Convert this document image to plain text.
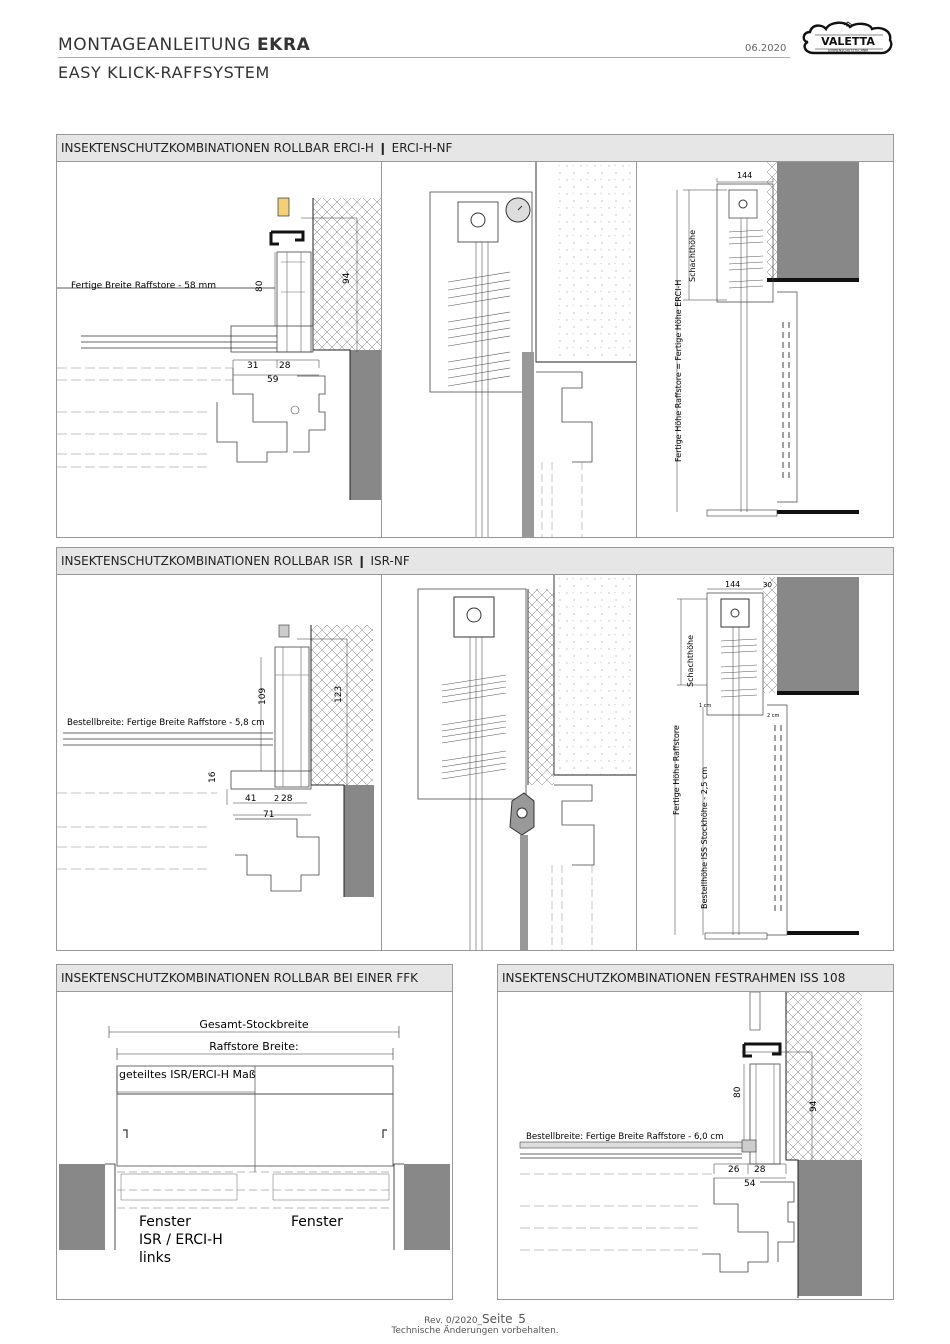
MONTAGEANLEITUNG EKRA
EASY KLICK-RAFFSYSTEM
06.2020
VALETTA
SONNENSCHUTZTECHNIK
INSEKTENSCHUTZKOMBINATIONEN ROLLBAR ERCI-H ❙ ERCI-H-NF
80
94
31 28
59
Fertige Breite Raffstore - 58 mm
144
Schachthöhe
Fertige Höhe Raffstore = Fertige Höhe ERCI-H
INSEKTENSCHUTZKOMBINATIONEN ROLLBAR ISR ❙ ISR-NF
109	123
16
41 2 28
71
Bestellbreite: Fertige Breite Raffstore - 5,8 cm
144	30
Schachthöhe
Fertige Höhe Raffstore Bestellhöhe ISS Stockhöhe - 2,5 cm
1 cm
2 cm
INSEKTENSCHUTZKOMBINATIONEN ROLLBAR BEI EINER FFK
Gesamt-Stockbreite
Raffstore Breite:
geteiltes ISR/ERCI-H Maß
Fenster
ISR / ERCI-H
links
Fenster
INSEKTENSCHUTZKOMBINATIONEN FESTRAHMEN ISS 108
80
94
26 28
54
Bestellbreite: Fertige Breite Raffstore - 6,0 cm
Rev. 0/2020_Seite 5
Technische Änderungen vorbehalten.
